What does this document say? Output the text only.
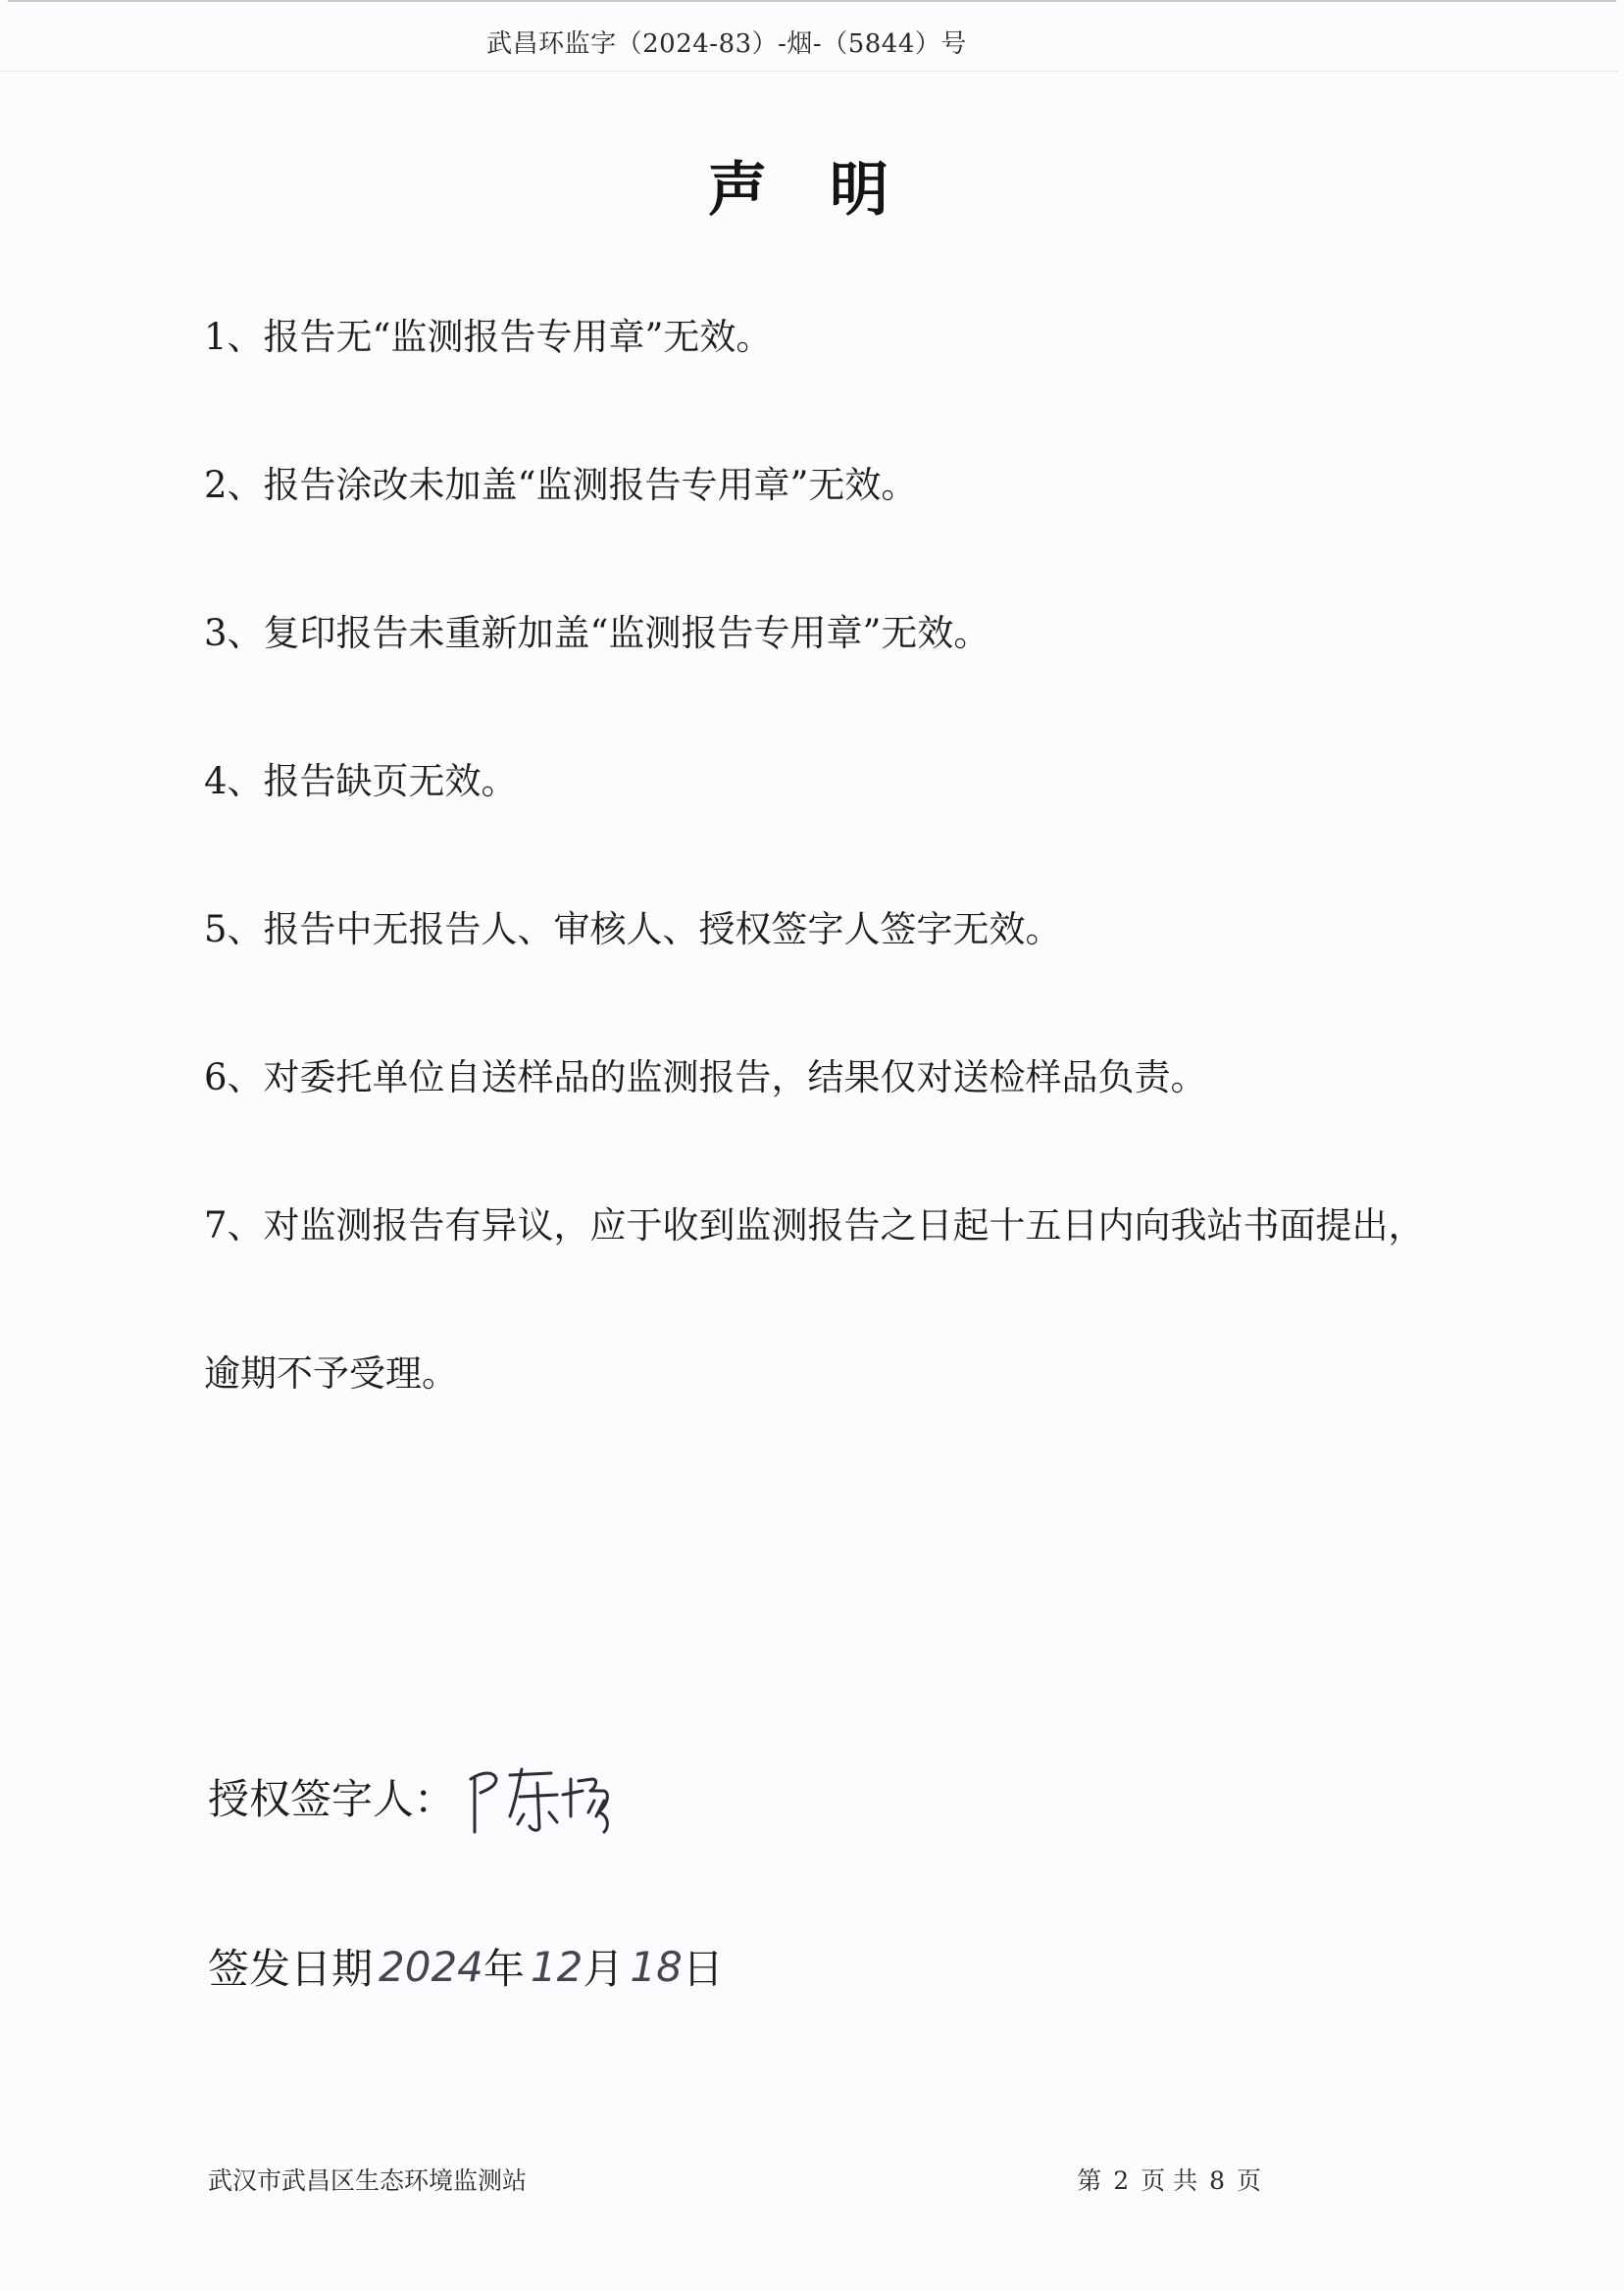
武昌环监字（2024-83）-烟-（5844）号
声明
1、报告无“监测报告专用章”无效。
2、报告涂改未加盖“监测报告专用章”无效。
3、复印报告未重新加盖“监测报告专用章”无效。
4、报告缺页无效。
5、报告中无报告人、审核人、授权签字人签字无效。
6、对委托单位自送样品的监测报告，结果仅对送检样品负责。
7、对监测报告有异议，应于收到监测报告之日起十五日内向我站书面提出，
逾期不予受理。
授权签字人：
签发日期 2024 年 12 月 18 日
武汉市武昌区生态环境监测站	第 2 页 共 8 页
